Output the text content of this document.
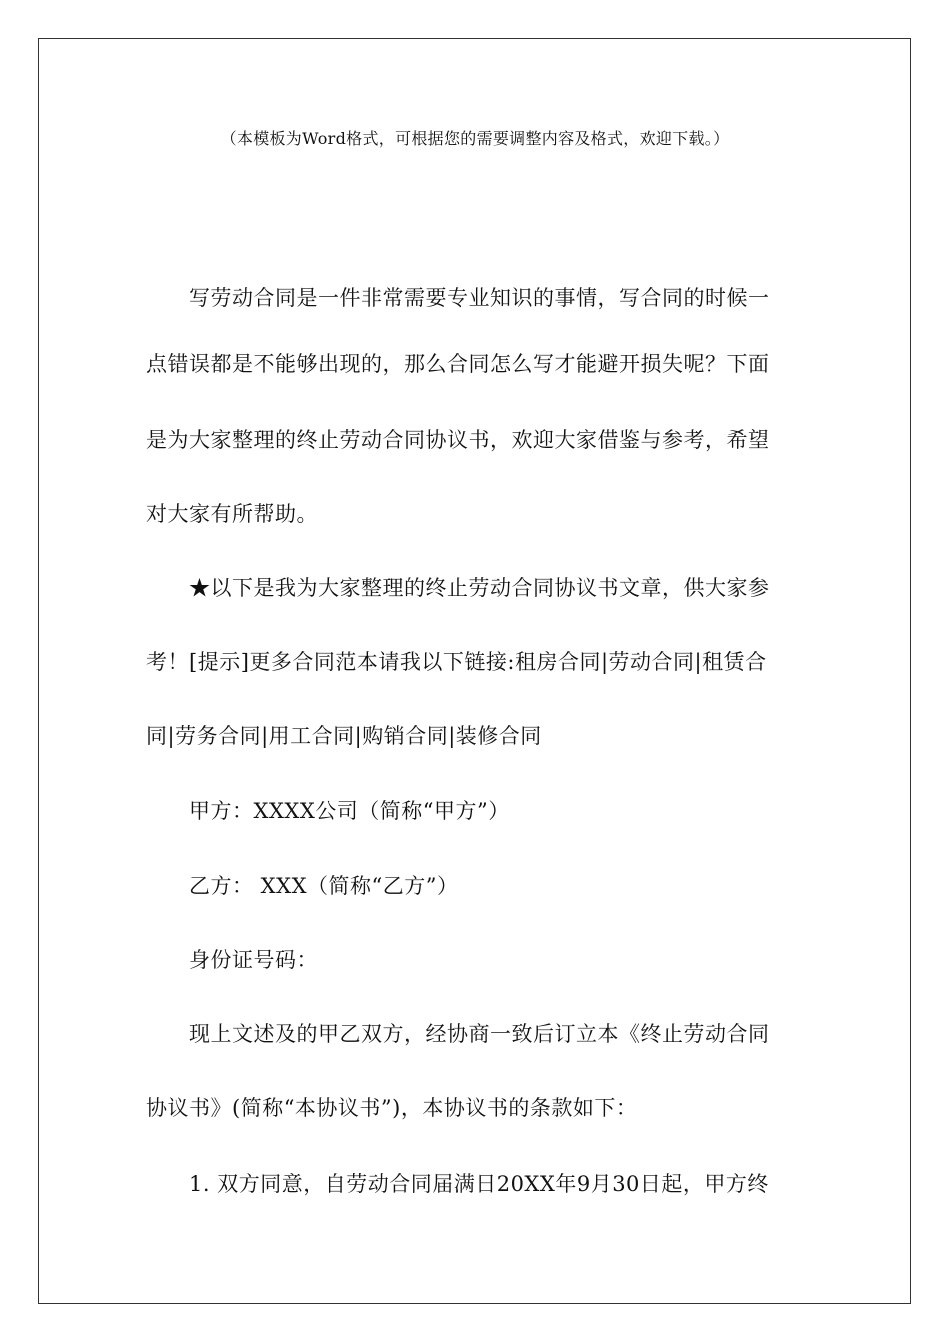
（本模板为Word格式，可根据您的需要调整内容及格式，欢迎下载。）
写劳动合同是一件非常需要专业知识的事情，写合同的时候一
点错误都是不能够出现的，那么合同怎么写才能避开损失呢？下面
是为大家整理的终止劳动合同协议书，欢迎大家借鉴与参考，希望
对大家有所帮助。
★以下是我为大家整理的终止劳动合同协议书文章，供大家参
考！[提示]更多合同范本请我以下链接:租房合同|劳动合同|租赁合
同|劳务合同|用工合同|购销合同|装修合同
甲方：XXXX公司（简称“甲方”）
乙方： XXX（简称“乙方”）
身份证号码：
现上文述及的甲乙双方，经协商一致后订立本《终止劳动合同
协议书》(简称“本协议书”)，本协议书的条款如下：
1. 双方同意，自劳动合同届满日20XX年9月30日起，甲方终
